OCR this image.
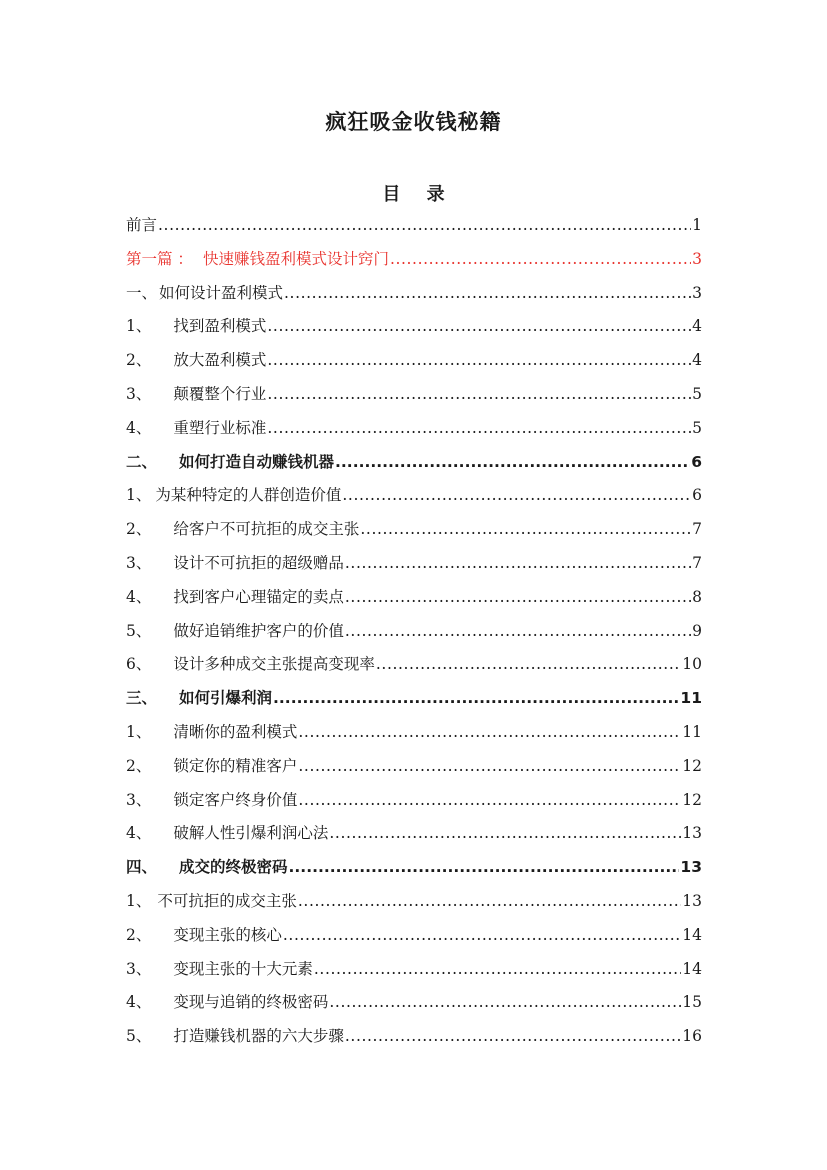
疯狂吸金收钱秘籍
目 录
前言 .....	1
第一篇 ： 快速赚钱盈利模式设计窍门 .....	3
一、 如何设计盈利模式 .....	3
1、 找到盈利模式 .....	4
2、 放大盈利模式 .....	4
3、 颠覆整个行业 .....	5
4、 重塑行业标准 .....	5
二、 如何打造自动赚钱机器 .....	6
1、 为某种特定的人群创造价值 .....	6
2、 给客户不可抗拒的成交主张 .....	7
3、 设计不可抗拒的超级赠品 .....	7
4、 找到客户心理锚定的卖点 .....	8
5、 做好追销维护客户的价值 .....	9
6、 设计多种成交主张提高变现率 .....	10
三、 如何引爆利润 .....	11
1、 清晰你的盈利模式 .....	11
2、 锁定你的精准客户 .....	12
3、 锁定客户终身价值 .....	12
4、 破解人性引爆利润心法 .....	13
四、 成交的终极密码 .....	13
1、 不可抗拒的成交主张 .....	13
2、 变现主张的核心 .....	14
3、 变现主张的十大元素 .....	14
4、 变现与追销的终极密码 .....	15
5、 打造赚钱机器的六大步骤 .....	16
